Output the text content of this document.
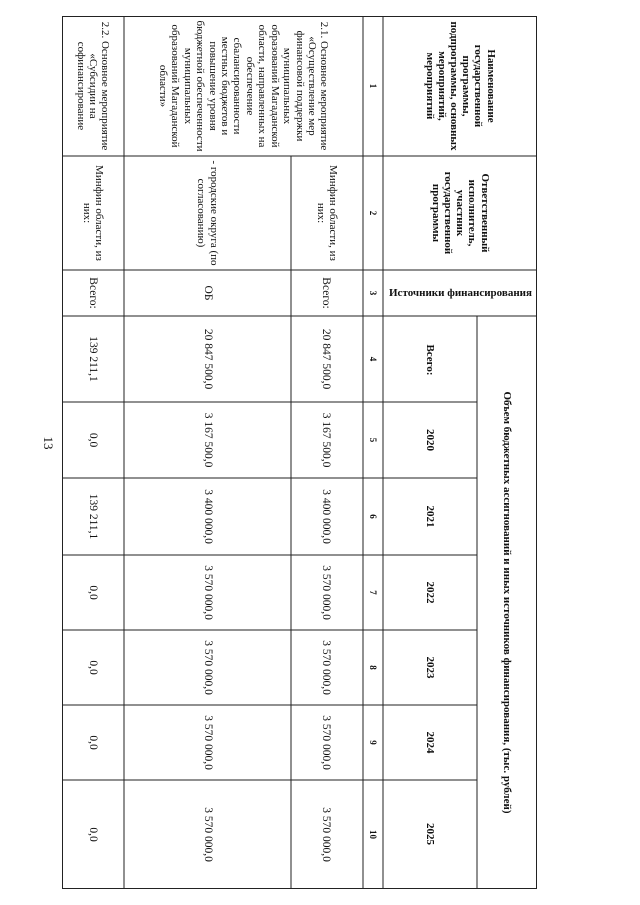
13
Наименование государственной программы, подпрограммы, основных мероприятий, мероприятий
Ответственный исполнитель, участник государственной программы
Источники финансирования
Объем бюджетных ассигнований и иных источников финансирования, (тыс. рублей)
Всего:
2020
2021
2022
2023
2024
2025
1
2
3
4
5
6
7
8
9
10
2.1. Основное мероприятие «Осуществление мер финансовой поддержки муниципальных образований Магаданской области, направленных на обеспечение сбалансированности местных бюджетов и повышение уровня бюджетной обеспеченности муниципальных образований Магаданской области»
Минфин области, из них:
Всего:
20 847 500,0
3 167 500,0
3 400 000,0
3 570 000,0
3 570 000,0
3 570 000,0
3 570 000,0
- городские округа (по согласованию)
ОБ
20 847 500,0
3 167 500,0
3 400 000,0
3 570 000,0
3 570 000,0
3 570 000,0
3 570 000,0
2.2. Основное мероприятие «Субсидии на софинансирование
Минфин области, из них:
Всего:
139 211,1
0,0
139 211,1
0,0
0,0
0,0
0,0
